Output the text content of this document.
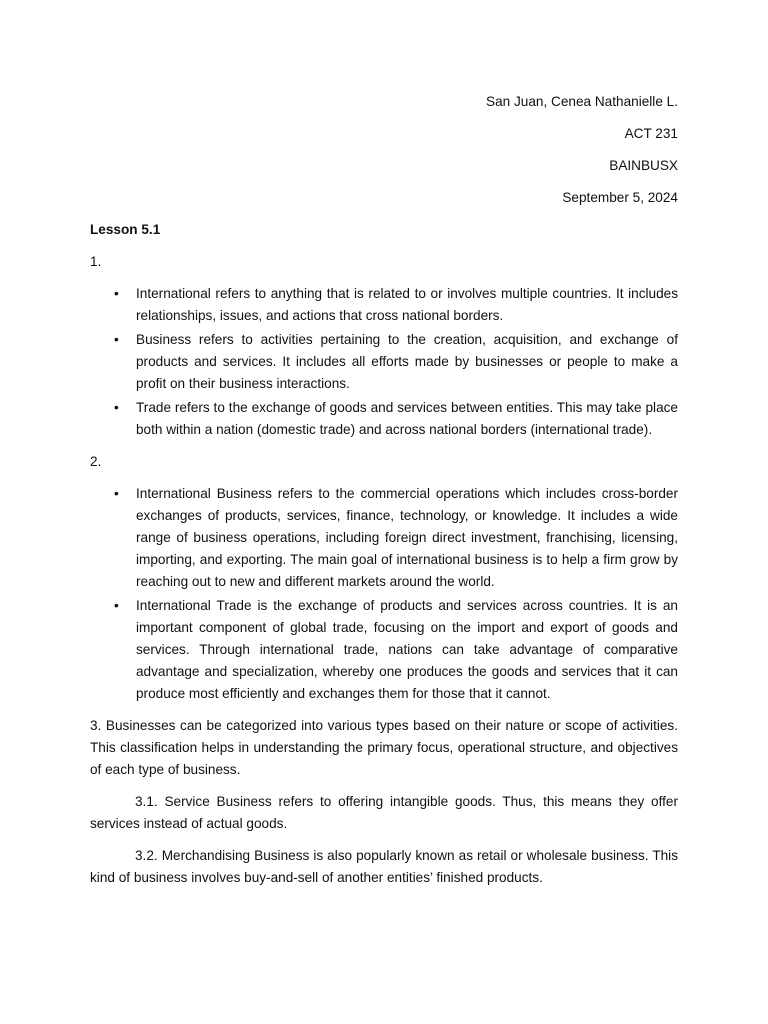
San Juan, Cenea Nathanielle L.

ACT 231

BAINBUSX

September 5, 2024

Lesson 5.1

1.

• International refers to anything that is related to or involves multiple countries. It includes relationships, issues, and actions that cross national borders.
• Business refers to activities pertaining to the creation, acquisition, and exchange of products and services. It includes all efforts made by businesses or people to make a profit on their business interactions.
• Trade refers to the exchange of goods and services between entities. This may take place both within a nation (domestic trade) and across national borders (international trade).

2.

• International Business refers to the commercial operations which includes cross-border exchanges of products, services, finance, technology, or knowledge. It includes a wide range of business operations, including foreign direct investment, franchising, licensing, importing, and exporting. The main goal of international business is to help a firm grow by reaching out to new and different markets around the world.
• International Trade is the exchange of products and services across countries. It is an important component of global trade, focusing on the import and export of goods and services. Through international trade, nations can take advantage of comparative advantage and specialization, whereby one produces the goods and services that it can produce most efficiently and exchanges them for those that it cannot.

3. Businesses can be categorized into various types based on their nature or scope of activities. This classification helps in understanding the primary focus, operational structure, and objectives of each type of business.

3.1. Service Business refers to offering intangible goods. Thus, this means they offer services instead of actual goods.

3.2. Merchandising Business is also popularly known as retail or wholesale business. This kind of business involves buy-and-sell of another entities’ finished products.
